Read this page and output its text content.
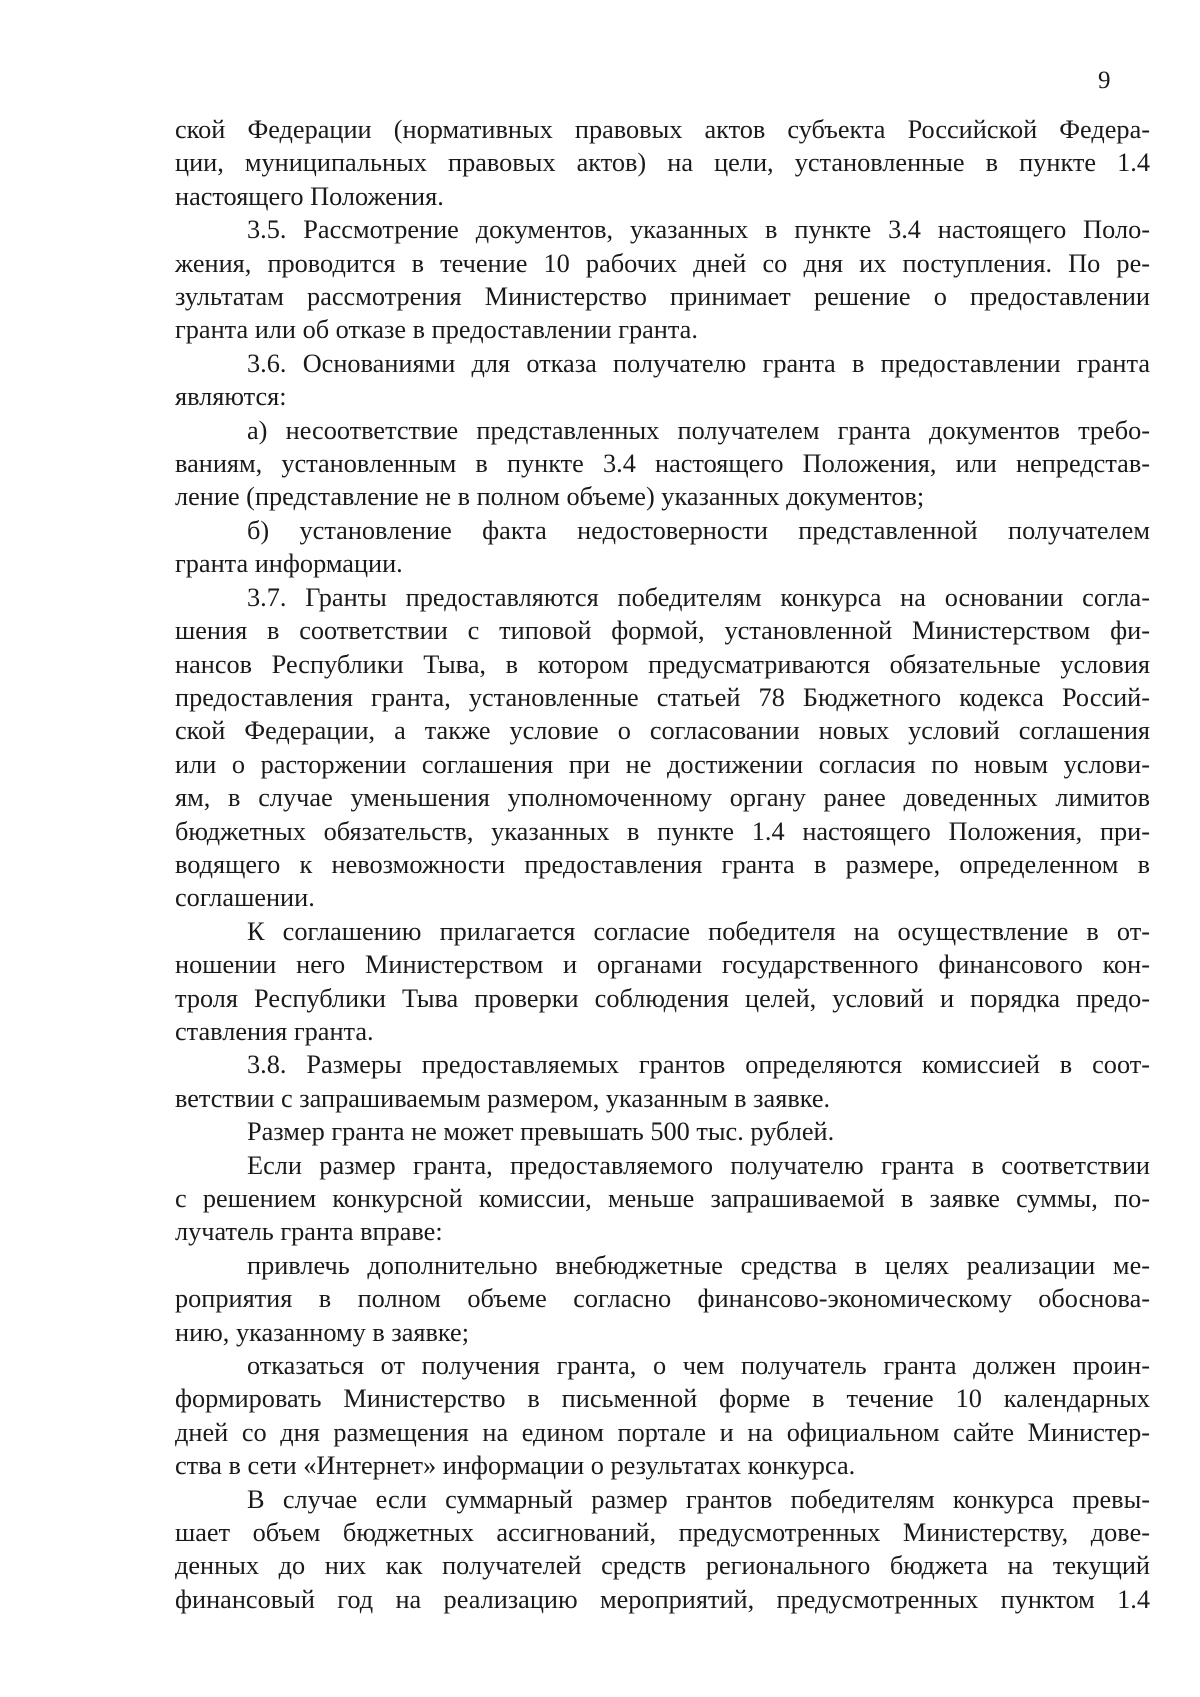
9
ской Федерации (нормативных правовых актов субъекта Российской Федера-
ции, муниципальных правовых актов) на цели, установленные в пункте 1.4
настоящего Положения.
3.5. Рассмотрение документов, указанных в пункте 3.4 настоящего Поло-
жения, проводится в течение 10 рабочих дней со дня их поступления. По ре-
зультатам рассмотрения Министерство принимает решение о предоставлении
гранта или об отказе в предоставлении гранта.
3.6. Основаниями для отказа получателю гранта в предоставлении гранта
являются:
а) несоответствие представленных получателем гранта документов требо-
ваниям, установленным в пункте 3.4 настоящего Положения, или непредстав-
ление (представление не в полном объеме) указанных документов;
б) установление факта недостоверности представленной получателем
гранта информации.
3.7. Гранты предоставляются победителям конкурса на основании согла-
шения в соответствии с типовой формой, установленной Министерством фи-
нансов Республики Тыва, в котором предусматриваются обязательные условия
предоставления гранта, установленные статьей 78 Бюджетного кодекса Россий-
ской Федерации, а также условие о согласовании новых условий соглашения
или о расторжении соглашения при не достижении согласия по новым услови-
ям, в случае уменьшения уполномоченному органу ранее доведенных лимитов
бюджетных обязательств, указанных в пункте 1.4 настоящего Положения, при-
водящего к невозможности предоставления гранта в размере, определенном в
соглашении.
К соглашению прилагается согласие победителя на осуществление в от-
ношении него Министерством и органами государственного финансового кон-
троля Республики Тыва проверки соблюдения целей, условий и порядка предо-
ставления гранта.
3.8. Размеры предоставляемых грантов определяются комиссией в соот-
ветствии с запрашиваемым размером, указанным в заявке.
Размер гранта не может превышать 500 тыс. рублей.
Если размер гранта, предоставляемого получателю гранта в соответствии
с решением конкурсной комиссии, меньше запрашиваемой в заявке суммы, по-
лучатель гранта вправе:
привлечь дополнительно внебюджетные средства в целях реализации ме-
роприятия в полном объеме согласно финансово-экономическому обоснова-
нию, указанному в заявке;
отказаться от получения гранта, о чем получатель гранта должен проин-
формировать Министерство в письменной форме в течение 10 календарных
дней со дня размещения на едином портале и на официальном сайте Министер-
ства в сети «Интернет» информации о результатах конкурса.
В случае если суммарный размер грантов победителям конкурса превы-
шает объем бюджетных ассигнований, предусмотренных Министерству, дове-
денных до них как получателей средств регионального бюджета на текущий
финансовый год на реализацию мероприятий, предусмотренных пунктом 1.4
